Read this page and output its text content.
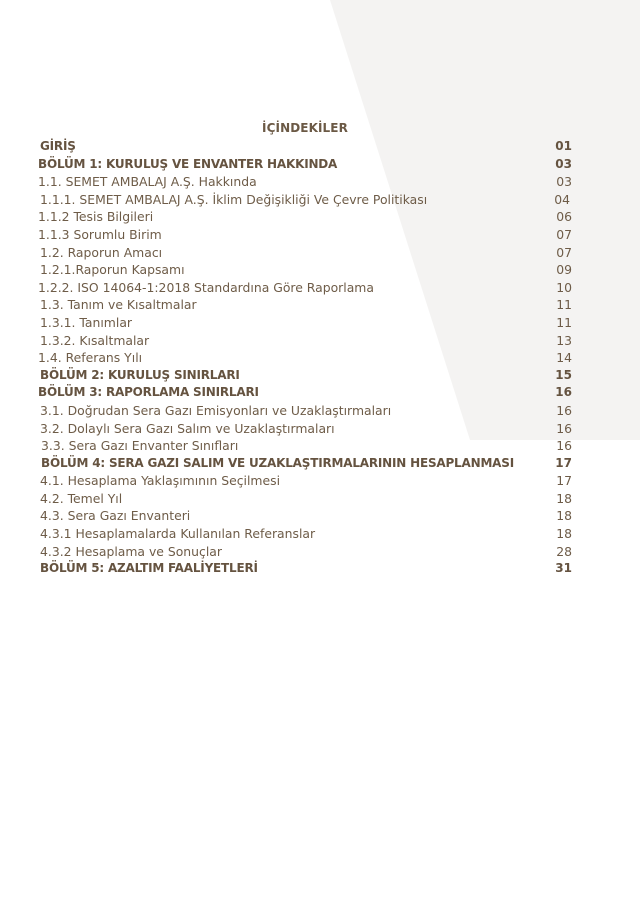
İÇİNDEKİLER
GİRİŞ	01
BÖLÜM 1: KURULUŞ VE ENVANTER HAKKINDA	03
1.1. SEMET AMBALAJ A.Ş. Hakkında	03
1.1.1. SEMET AMBALAJ A.Ş. İklim Değişikliği Ve Çevre Politikası	04
1.1.2 Tesis Bilgileri	06
1.1.3 Sorumlu Birim	07
1.2. Raporun Amacı	07
1.2.1.Raporun Kapsamı	09
1.2.2. ISO 14064-1:2018 Standardına Göre Raporlama	10
1.3. Tanım ve Kısaltmalar	11
1.3.1. Tanımlar	11
1.3.2. Kısaltmalar	13
1.4. Referans Yılı	14
BÖLÜM 2: KURULUŞ SINIRLARI	15
BÖLÜM 3: RAPORLAMA SINIRLARI	16
3.1. Doğrudan Sera Gazı Emisyonları ve Uzaklaştırmaları	16
3.2. Dolaylı Sera Gazı Salım ve Uzaklaştırmaları	16
3.3. Sera Gazı Envanter Sınıfları	16
BÖLÜM 4: SERA GAZI SALIM VE UZAKLAŞTIRMALARININ HESAPLANMASI	17
4.1. Hesaplama Yaklaşımının Seçilmesi	17
4.2. Temel Yıl	18
4.3. Sera Gazı Envanteri	18
4.3.1 Hesaplamalarda Kullanılan Referanslar	18
4.3.2 Hesaplama ve Sonuçlar	28
BÖLÜM 5: AZALTIM FAALİYETLERİ	31
